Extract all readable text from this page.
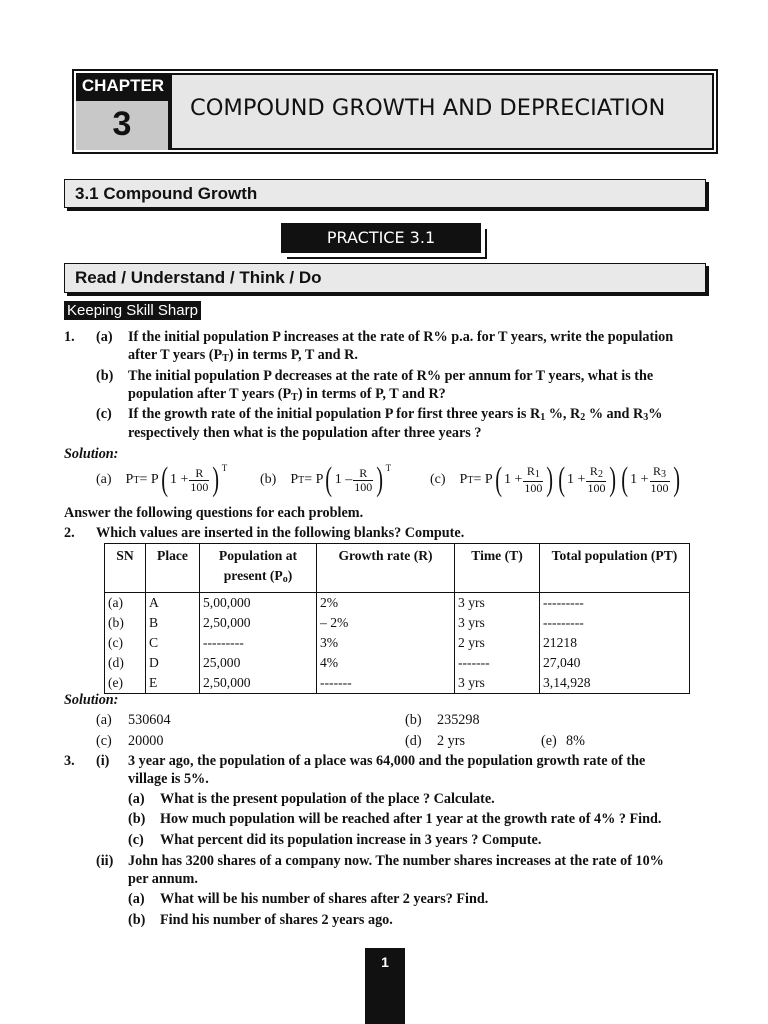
CHAPTER
3	COMPOUND GROWTH AND DEPRECIATION
3.1 Compound Growth
PRACTICE 3.1
Read / Understand / Think / Do
Keeping Skill Sharp
1. (a) If the initial population P increases at the rate of R% p.a. for T years, write the population
after T years $(P_T)$ in terms P, T and R.
(b) The initial population P decreases at the rate of R% per annum for T years, what is the
population after T years $(P_T)$ in terms of P, T and R?
(c) If the growth rate of the initial population P for first three years is $R_1$ %, $R_2$ % and $R_3\%$
respectively then what is the population after three years ?
Solution:
(a) P T = P ( $1 + \frac{R}{100}$ ) T
(b) P T = P ( $1 - \frac{R}{100}$ ) T
(c) P T = P ( $1 + \frac{R_1}{100}$ ) ( $1 + \frac{R_2}{100}$ ) ( $1 + \frac{R_3}{100}$ )
Answer the following questions for each problem.
2. Which values are inserted in the following blanks? Compute.
SN	Place	Population at
present $(P_o)$	Growth rate (R)	Time (T)	Total population (PT)
(a)	A	5,00,000	2%	3 yrs	---------
(b)	B	2,50,000	– 2%	3 yrs	---------
(c)	C	---------	3%	2 yrs	21218
(d)	D	25,000	4%	-------	27,040
(e)	E	2,50,000	-------	3 yrs	3,14,928
Solution:
(a) 530604	(b) 235298
(c) 20000	(d) 2 yrs	(e) 8%
3. (i) 3 year ago, the population of a place was 64,000 and the population growth rate of the
village is 5%.
(a) What is the present population of the place ? Calculate.
(b) How much population will be reached after 1 year at the growth rate of 4% ? Find.
(c) What percent did its population increase in 3 years ? Compute.
(ii) John has 3200 shares of a company now. The number shares increases at the rate of 10%
per annum.
(a) What will be his number of shares after 2 years? Find.
(b) Find his number of shares 2 years ago.
1
